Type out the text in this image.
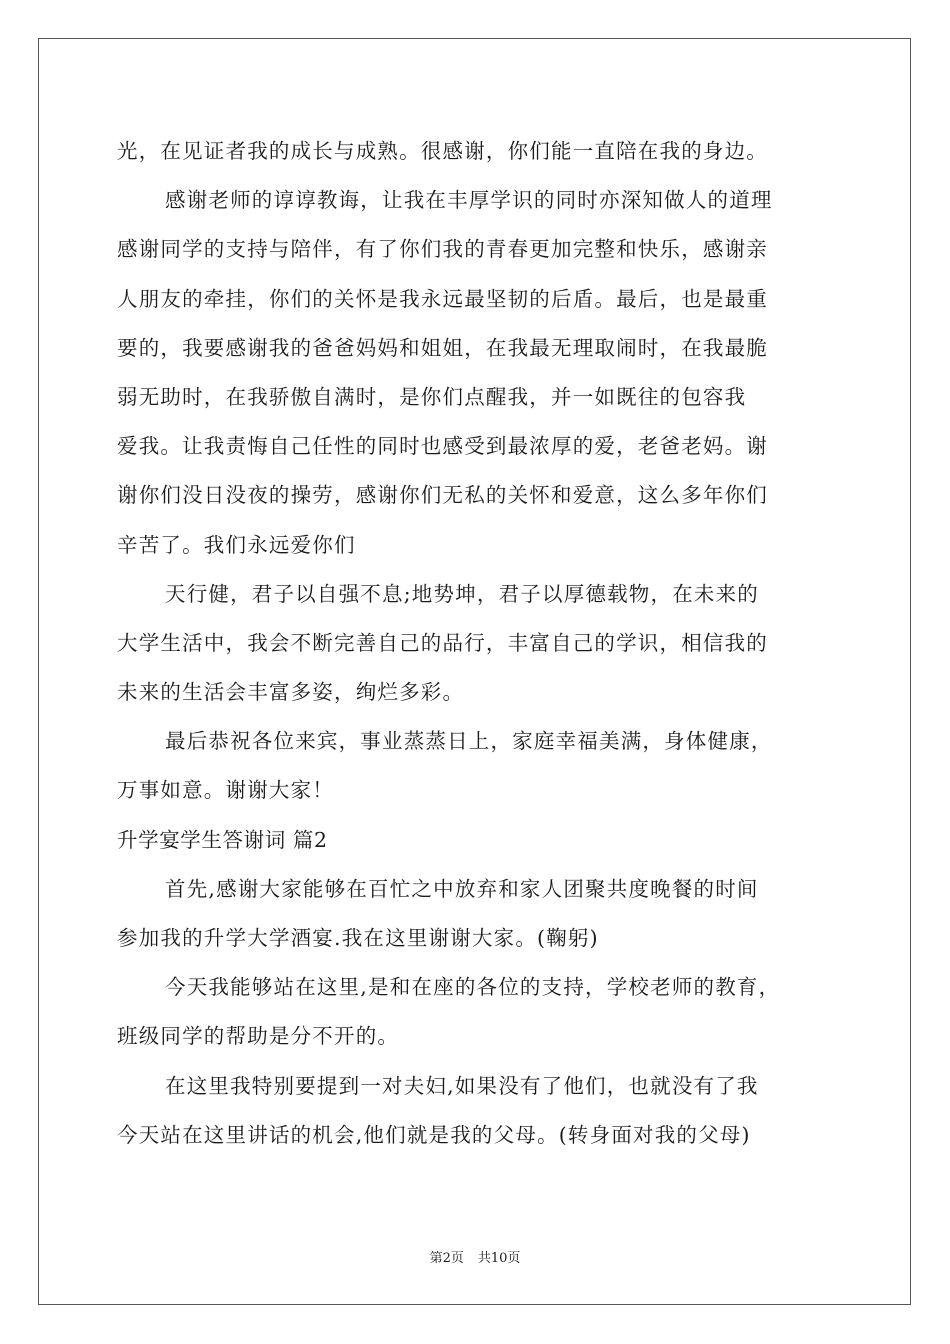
光，在见证者我的成长与成熟。很感谢，你们能一直陪在我的身边。
感谢老师的谆谆教诲，让我在丰厚学识的同时亦深知做人的道理
感谢同学的支持与陪伴，有了你们我的青春更加完整和快乐，感谢亲
人朋友的牵挂，你们的关怀是我永远最坚韧的后盾。最后，也是最重
要的，我要感谢我的爸爸妈妈和姐姐，在我最无理取闹时，在我最脆
弱无助时，在我骄傲自满时，是你们点醒我，并一如既往的包容我
爱我。让我责悔自己任性的同时也感受到最浓厚的爱，老爸老妈。谢
谢你们没日没夜的操劳，感谢你们无私的关怀和爱意，这么多年你们
辛苦了。我们永远爱你们
天行健，君子以自强不息;地势坤，君子以厚德载物，在未来的
大学生活中，我会不断完善自己的品行，丰富自己的学识，相信我的
未来的生活会丰富多姿，绚烂多彩。
最后恭祝各位来宾，事业蒸蒸日上，家庭幸福美满，身体健康，
万事如意。谢谢大家！
升学宴学生答谢词 篇2
首先,感谢大家能够在百忙之中放弃和家人团聚共度晚餐的时间
参加我的升学大学酒宴.我在这里谢谢大家。(鞠躬)
今天我能够站在这里,是和在座的各位的支持，学校老师的教育，
班级同学的帮助是分不开的。
在这里我特别要提到一对夫妇,如果没有了他们，也就没有了我
今天站在这里讲话的机会,他们就是我的父母。(转身面对我的父母)
第2页 共10页
